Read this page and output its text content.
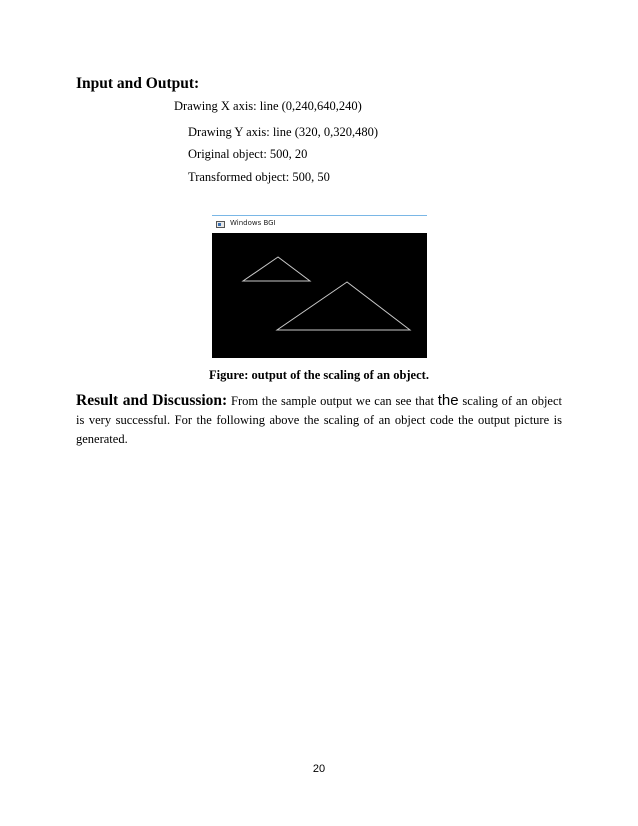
Input and Output:
Drawing X axis: line (0,240,640,240)
Drawing Y axis: line (320, 0,320,480)
Original object: 500, 20
Transformed object: 500, 50
Windows BGI
Figure: output of the scaling of an object.
Result and Discussion: From the sample output we can see that the scaling of an object is very successful. For the following above the scaling of an object code the output picture is generated.
20
